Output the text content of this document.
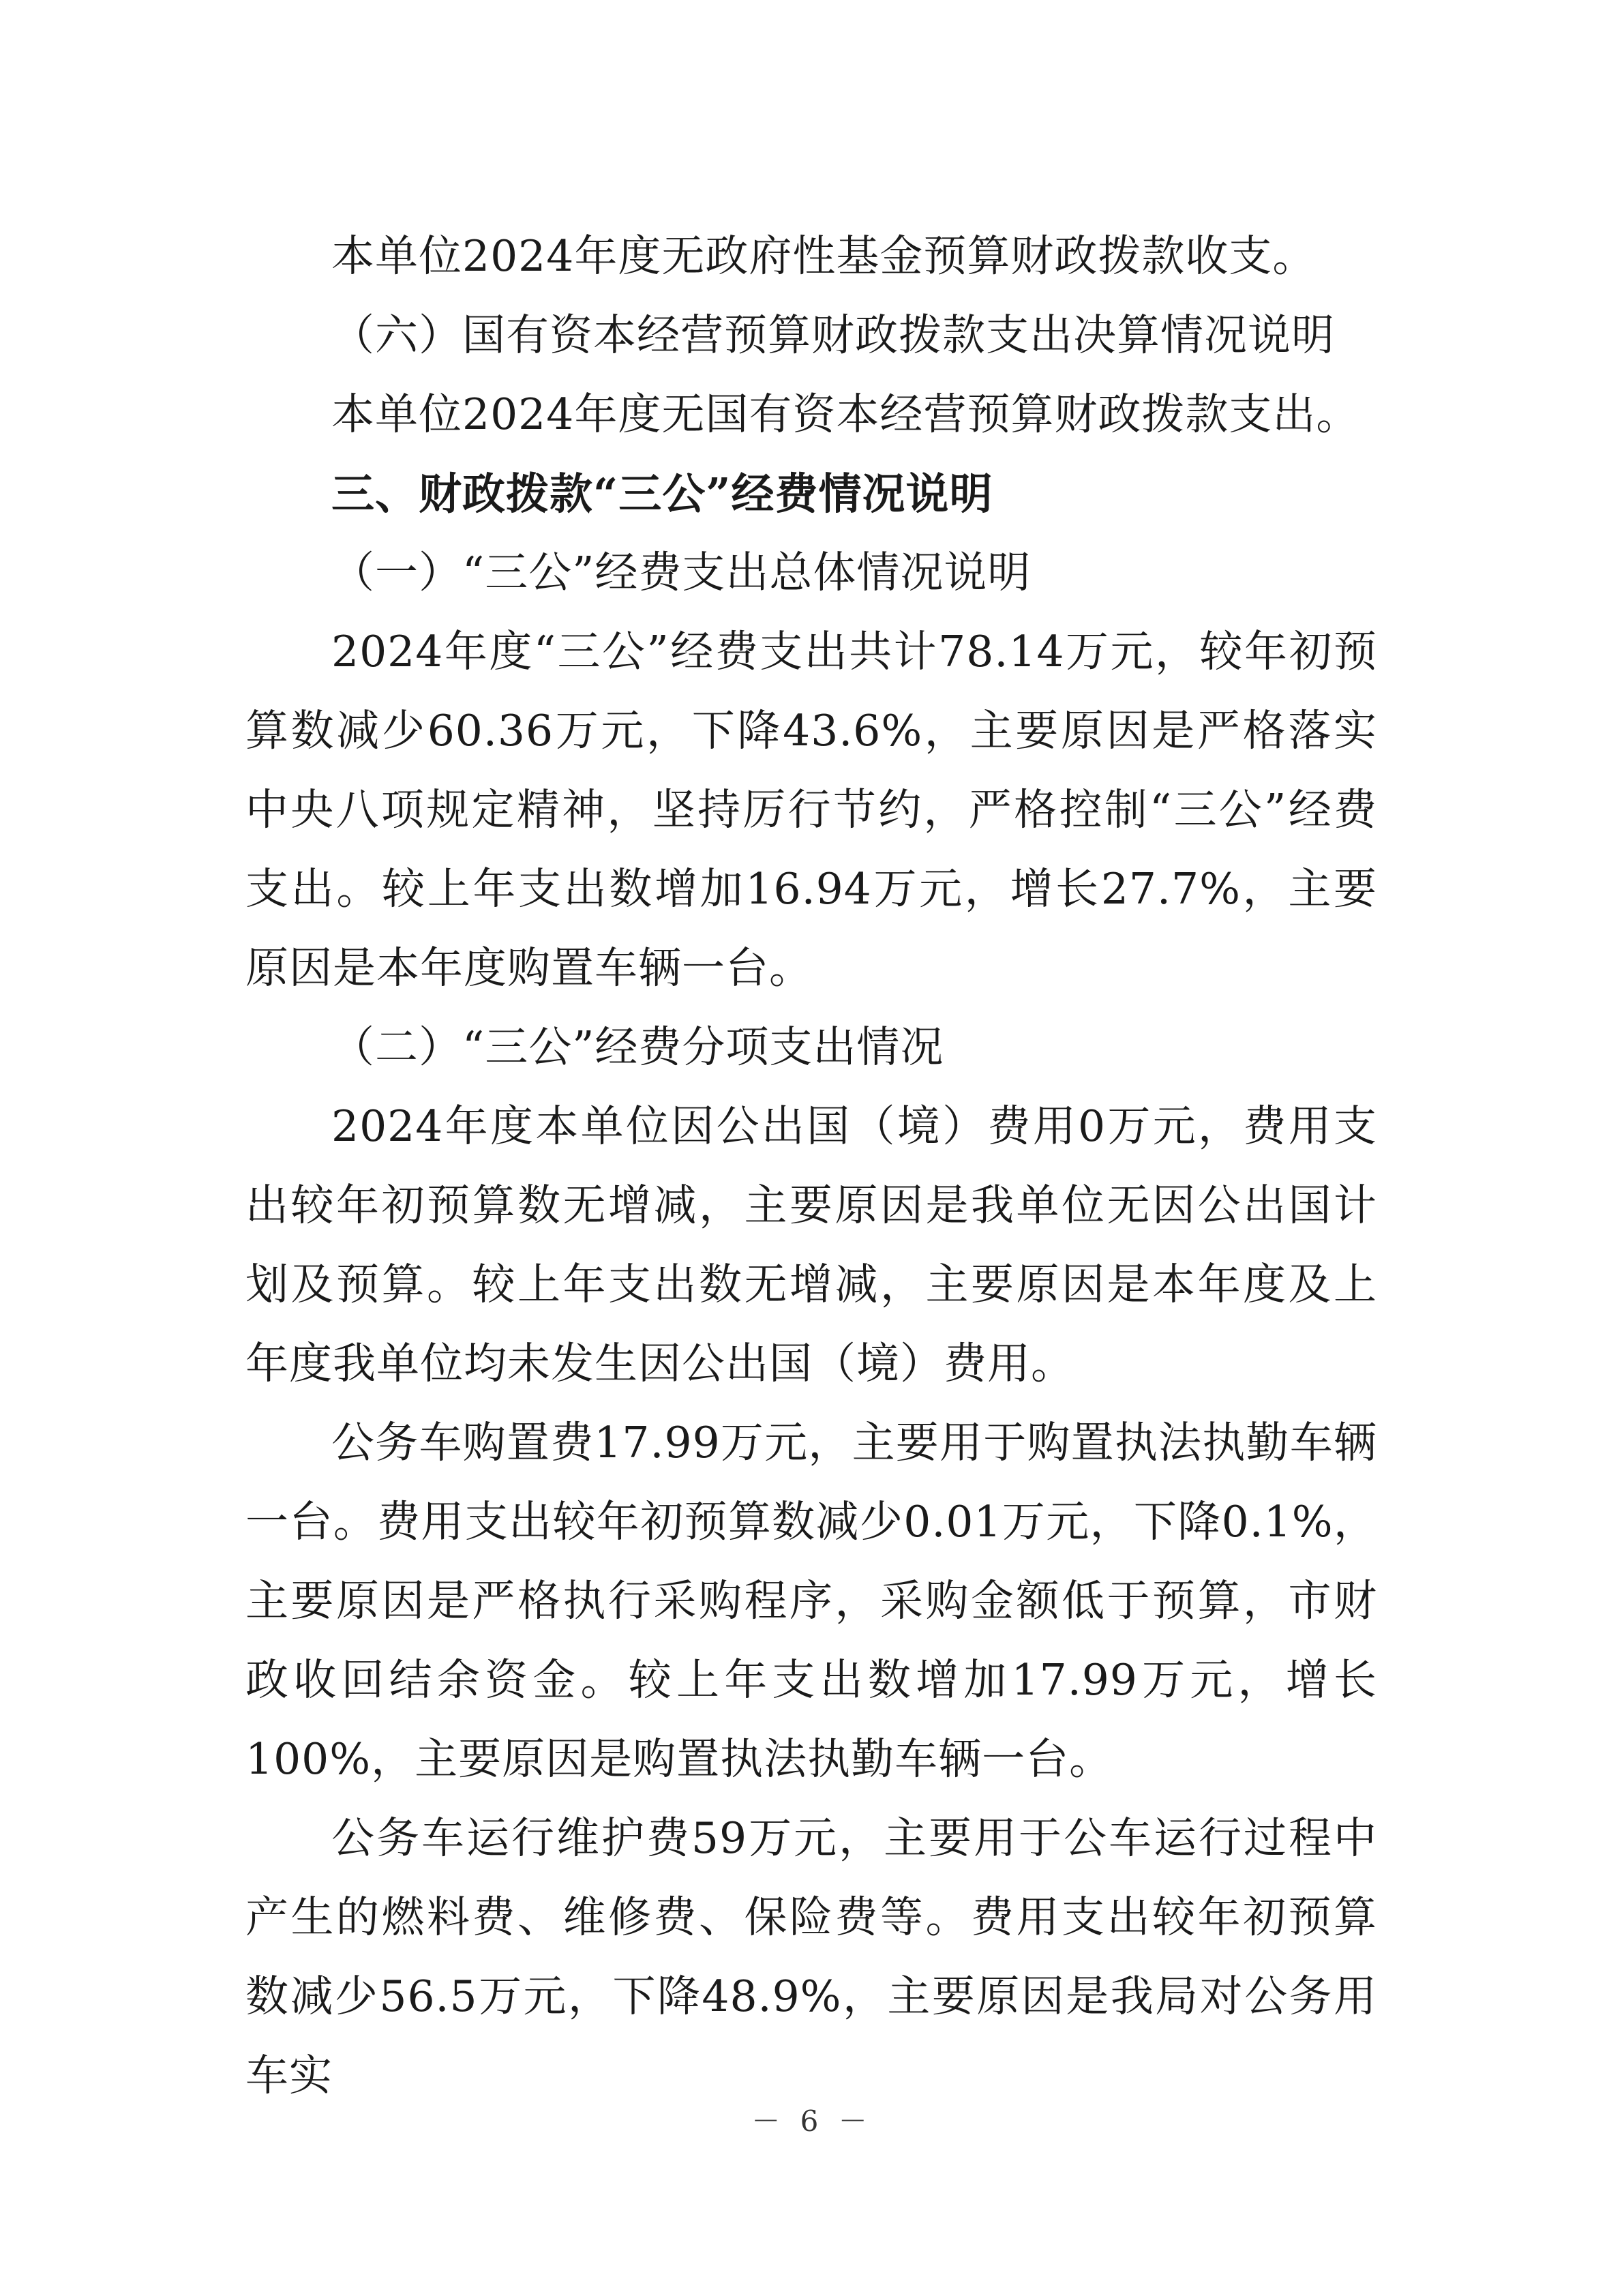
本单位2024年度无政府性基金预算财政拨款收支。

（六）国有资本经营预算财政拨款支出决算情况说明

本单位2024年度无国有资本经营预算财政拨款支出。

三、财政拨款“三公”经费情况说明

（一）“三公”经费支出总体情况说明

2024年度“三公”经费支出共计78.14万元，较年初预算数减少60.36万元，下降43.6%，主要原因是严格落实中央八项规定精神，坚持厉行节约，严格控制“三公”经费支出。较上年支出数增加16.94万元，增长27.7%，主要原因是本年度购置车辆一台。

（二）“三公”经费分项支出情况

2024年度本单位因公出国（境）费用0万元，费用支出较年初预算数无增减，主要原因是我单位无因公出国计划及预算。较上年支出数无增减，主要原因是本年度及上年度我单位均未发生因公出国（境）费用。

公务车购置费17.99万元，主要用于购置执法执勤车辆一台。费用支出较年初预算数减少0.01万元，下降0.1%，主要原因是严格执行采购程序，采购金额低于预算，市财政收回结余资金。较上年支出数增加17.99万元，增长100%，主要原因是购置执法执勤车辆一台。

公务车运行维护费59万元，主要用于公车运行过程中产生的燃料费、维修费、保险费等。费用支出较年初预算数减少56.5万元，下降48.9%，主要原因是我局对公务用车实

－ 6 －
